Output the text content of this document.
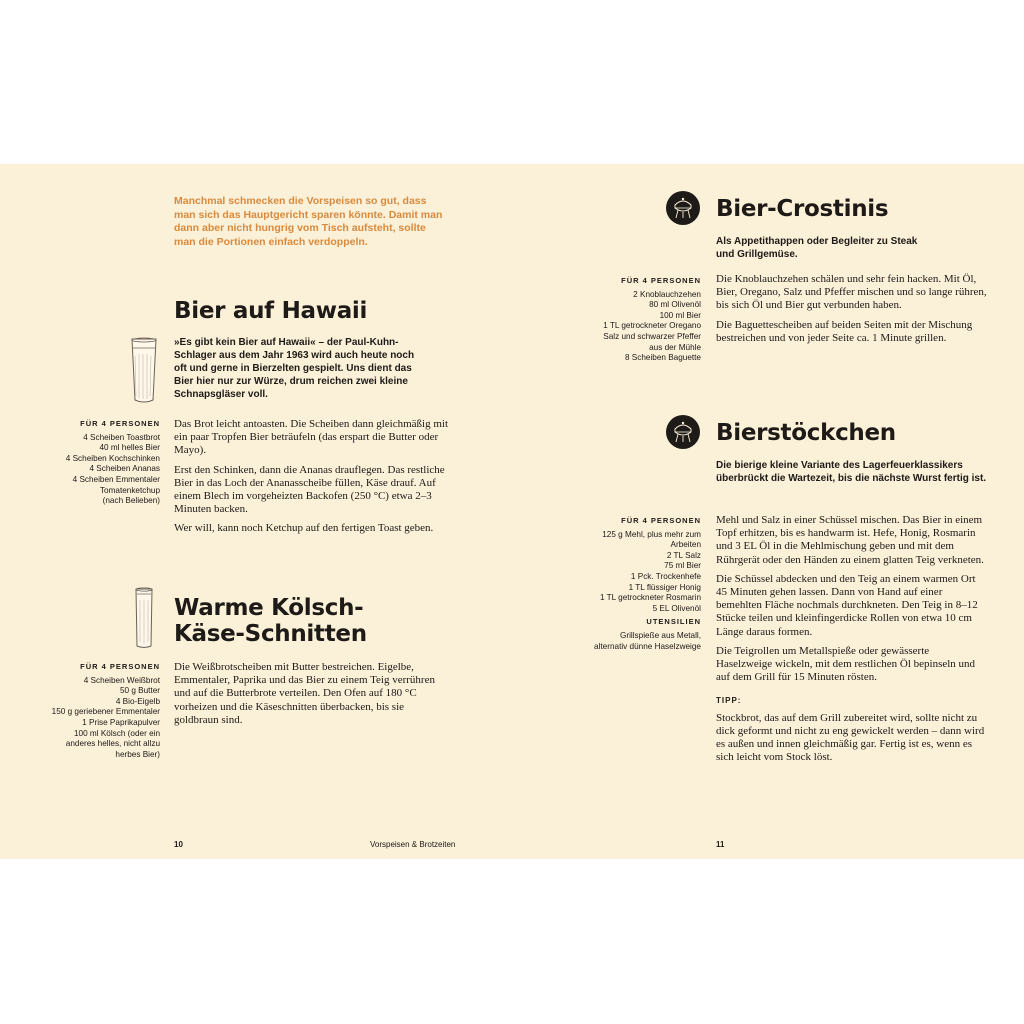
Manchmal schmecken die Vorspeisen so gut, dass man sich das Hauptgericht sparen könnte. Damit man dann aber nicht hungrig vom Tisch aufsteht, sollte man die Portionen einfach verdoppeln.
Bier auf Hawaii
»Es gibt kein Bier auf Hawaii« – der Paul-Kuhn-Schlager aus dem Jahr 1963 wird auch heute noch oft und gerne in Bierzelten gespielt. Uns dient das Bier hier nur zur Würze, drum reichen zwei kleine Schnapsgläser voll.
FÜR 4 PERSONEN
4 Scheiben Toastbrot
40 ml helles Bier
4 Scheiben Kochschinken
4 Scheiben Ananas
4 Scheiben Emmentaler
Tomatenketchup
(nach Belieben)

Das Brot leicht antoasten. Die Scheiben dann gleichmäßig mit ein paar Tropfen Bier beträufeln (das erspart die Butter oder Mayo).

Erst den Schinken, dann die Ananas drauflegen. Das restliche Bier in das Loch der Ananasscheibe füllen, Käse drauf. Auf einem Blech im vorgeheizten Backofen (250 °C) etwa 2–3 Minuten backen.

Wer will, kann noch Ketchup auf den fertigen Toast geben.

Warme Kölsch-
Käse-Schnitten
FÜR 4 PERSONEN
4 Scheiben Weißbrot
50 g Butter
4 Bio-Eigelb
150 g geriebener Emmentaler
1 Prise Paprikapulver
100 ml Kölsch (oder ein
anderes helles, nicht allzu
herbes Bier)

Die Weißbrotscheiben mit Butter bestreichen. Eigelbe, Emmentaler, Paprika und das Bier zu einem Teig verrühren und auf die Butterbrote verteilen. Den Ofen auf 180 °C vorheizen und die Käseschnitten überbacken, bis sie goldbraun sind.

10	Vorspeisen & Brotzeiten
Bier-Crostinis
Als Appetithappen oder Begleiter zu Steak und Grillgemüse.
FÜR 4 PERSONEN
2 Knoblauchzehen
80 ml Olivenöl
100 ml Bier
1 TL getrockneter Oregano
Salz und schwarzer Pfeffer
aus der Mühle
8 Scheiben Baguette

Die Knoblauchzehen schälen und sehr fein hacken. Mit Öl, Bier, Oregano, Salz und Pfeffer mischen und so lange rühren, bis sich Öl und Bier gut verbunden haben.

Die Baguettescheiben auf beiden Seiten mit der Mischung bestreichen und von jeder Seite ca. 1 Minute grillen.

Bierstöckchen
Die bierige kleine Variante des Lagerfeuerklassikers überbrückt die Wartezeit, bis die nächste Wurst fertig ist.
FÜR 4 PERSONEN
125 g Mehl, plus mehr zum
Arbeiten
2 TL Salz
75 ml Bier
1 Pck. Trockenhefe
1 TL flüssiger Honig
1 TL getrockneter Rosmarin
5 EL Olivenöl
UTENSILIEN
Grillspieße aus Metall,
alternativ dünne Haselzweige

Mehl und Salz in einer Schüssel mischen. Das Bier in einem Topf erhitzen, bis es handwarm ist. Hefe, Honig, Rosmarin und 3 EL Öl in die Mehlmischung geben und mit dem Rührgerät oder den Händen zu einem glatten Teig verkneten.

Die Schüssel abdecken und den Teig an einem warmen Ort 45 Minuten gehen lassen. Dann von Hand auf einer bemehlten Fläche nochmals durchkneten. Den Teig in 8–12 Stücke teilen und kleinfingerdicke Rollen von etwa 10 cm Länge daraus formen.

Die Teigrollen um Metallspieße oder gewässerte Haselzweige wickeln, mit dem restlichen Öl bepinseln und auf dem Grill für 15 Minuten rösten.

TIPP:

Stockbrot, das auf dem Grill zubereitet wird, sollte nicht zu dick geformt und nicht zu eng gewickelt werden – dann wird es außen und innen gleichmäßig gar. Fertig ist es, wenn es sich leicht vom Stock löst.

11
